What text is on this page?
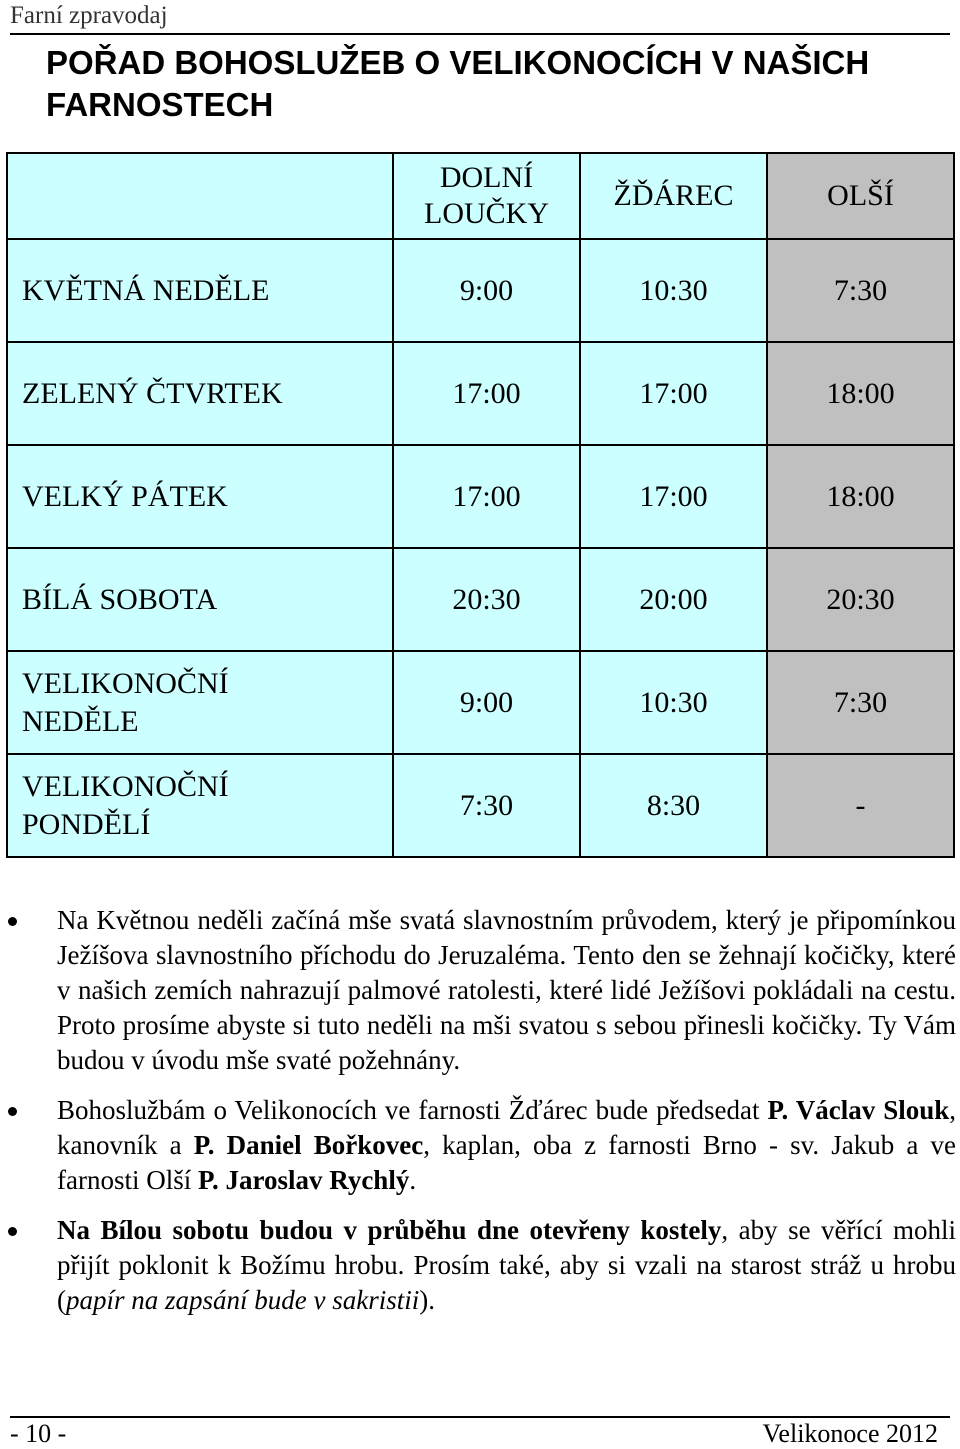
Farní zpravodaj
POŘAD BOHOSLUŽEB O VELIKONOCÍCH V NAŠICH FARNOSTECH
	DOLNÍ LOUČKY	ŽĎÁREC	OLŠÍ
KVĚTNÁ NEDĚLE	9:00	10:30	7:30
ZELENÝ ČTVRTEK	17:00	17:00	18:00
VELKÝ PÁTEK	17:00	17:00	18:00
BÍLÁ SOBOTA	20:30	20:00	20:30
VELIKONOČNÍ NEDĚLE	9:00	10:30	7:30
VELIKONOČNÍ PONDĚLÍ	7:30	8:30	-
Na Květnou neděli začíná mše svatá slavnostním průvodem, který je připomínkou Ježíšova slavnostního příchodu do Jeruzaléma. Tento den se žehnají kočičky, které v našich zemích nahrazují palmové ratolesti, které lidé Ježíšovi pokládali na cestu. Proto prosíme abyste si tuto neděli na mši svatou s sebou přinesli kočičky. Ty Vám budou v úvodu mše svaté požehnány.
Bohoslužbám o Velikonocích ve farnosti Žďárec bude předsedat P. Václav Slouk, kanovník a P. Daniel Bořkovec, kaplan, oba z farnosti Brno - sv. Jakub a ve farnosti Olší P. Jaroslav Rychlý.
Na Bílou sobotu budou v průběhu dne otevřeny kostely, aby se věřící mohli přijít poklonit k Božímu hrobu. Prosím také, aby si vzali na starost stráž u hrobu (papír na zapsání bude v sakristii).
- 10 -	Velikonoce 2012
